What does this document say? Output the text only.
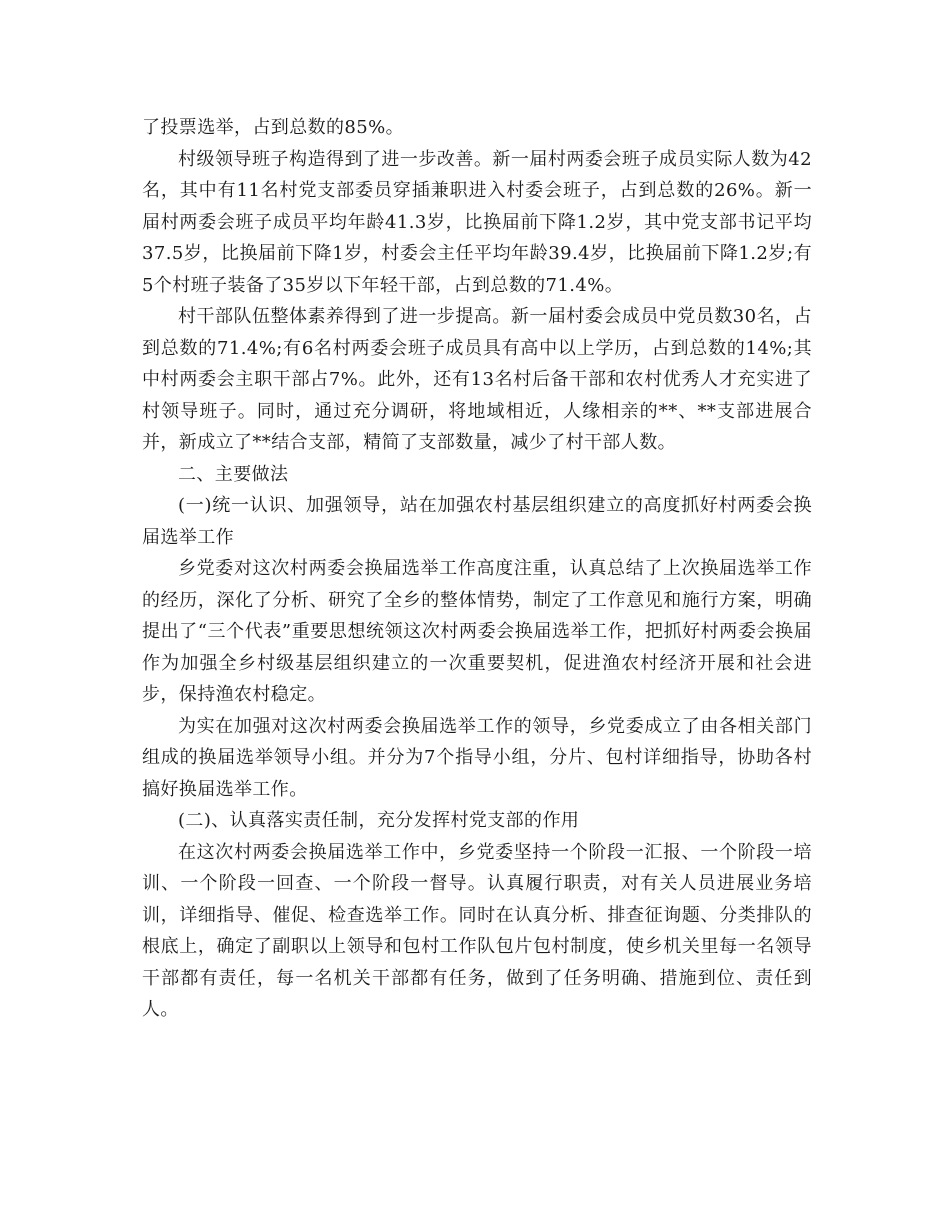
了投票选举，占到总数的85%。

村级领导班子构造得到了进一步改善。新一届村两委会班子成员实际人数为42名，其中有11名村党支部委员穿插兼职进入村委会班子，占到总数的26%。新一届村两委会班子成员平均年龄41.3岁，比换届前下降1.2岁，其中党支部书记平均37.5岁，比换届前下降1岁，村委会主任平均年龄39.4岁，比换届前下降1.2岁;有5个村班子装备了35岁以下年轻干部，占到总数的71.4%。

村干部队伍整体素养得到了进一步提高。新一届村委会成员中党员数30名，占到总数的71.4%;有6名村两委会班子成员具有高中以上学历，占到总数的14%;其中村两委会主职干部占7%。此外，还有13名村后备干部和农村优秀人才充实进了村领导班子。同时，通过充分调研，将地域相近，人缘相亲的**、**支部进展合并，新成立了**结合支部，精简了支部数量，减少了村干部人数。

二、主要做法

(一)统一认识、加强领导，站在加强农村基层组织建立的高度抓好村两委会换届选举工作

乡党委对这次村两委会换届选举工作高度注重，认真总结了上次换届选举工作的经历，深化了分析、研究了全乡的整体情势，制定了工作意见和施行方案，明确提出了“三个代表”重要思想统领这次村两委会换届选举工作，把抓好村两委会换届作为加强全乡村级基层组织建立的一次重要契机，促进渔农村经济开展和社会进步，保持渔农村稳定。

为实在加强对这次村两委会换届选举工作的领导，乡党委成立了由各相关部门组成的换届选举领导小组。并分为7个指导小组，分片、包村详细指导，协助各村搞好换届选举工作。

(二)、认真落实责任制，充分发挥村党支部的作用

在这次村两委会换届选举工作中，乡党委坚持一个阶段一汇报、一个阶段一培训、一个阶段一回查、一个阶段一督导。认真履行职责，对有关人员进展业务培训，详细指导、催促、检查选举工作。同时在认真分析、排查征询题、分类排队的根底上，确定了副职以上领导和包村工作队包片包村制度，使乡机关里每一名领导干部都有责任，每一名机关干部都有任务，做到了任务明确、措施到位、责任到人。
